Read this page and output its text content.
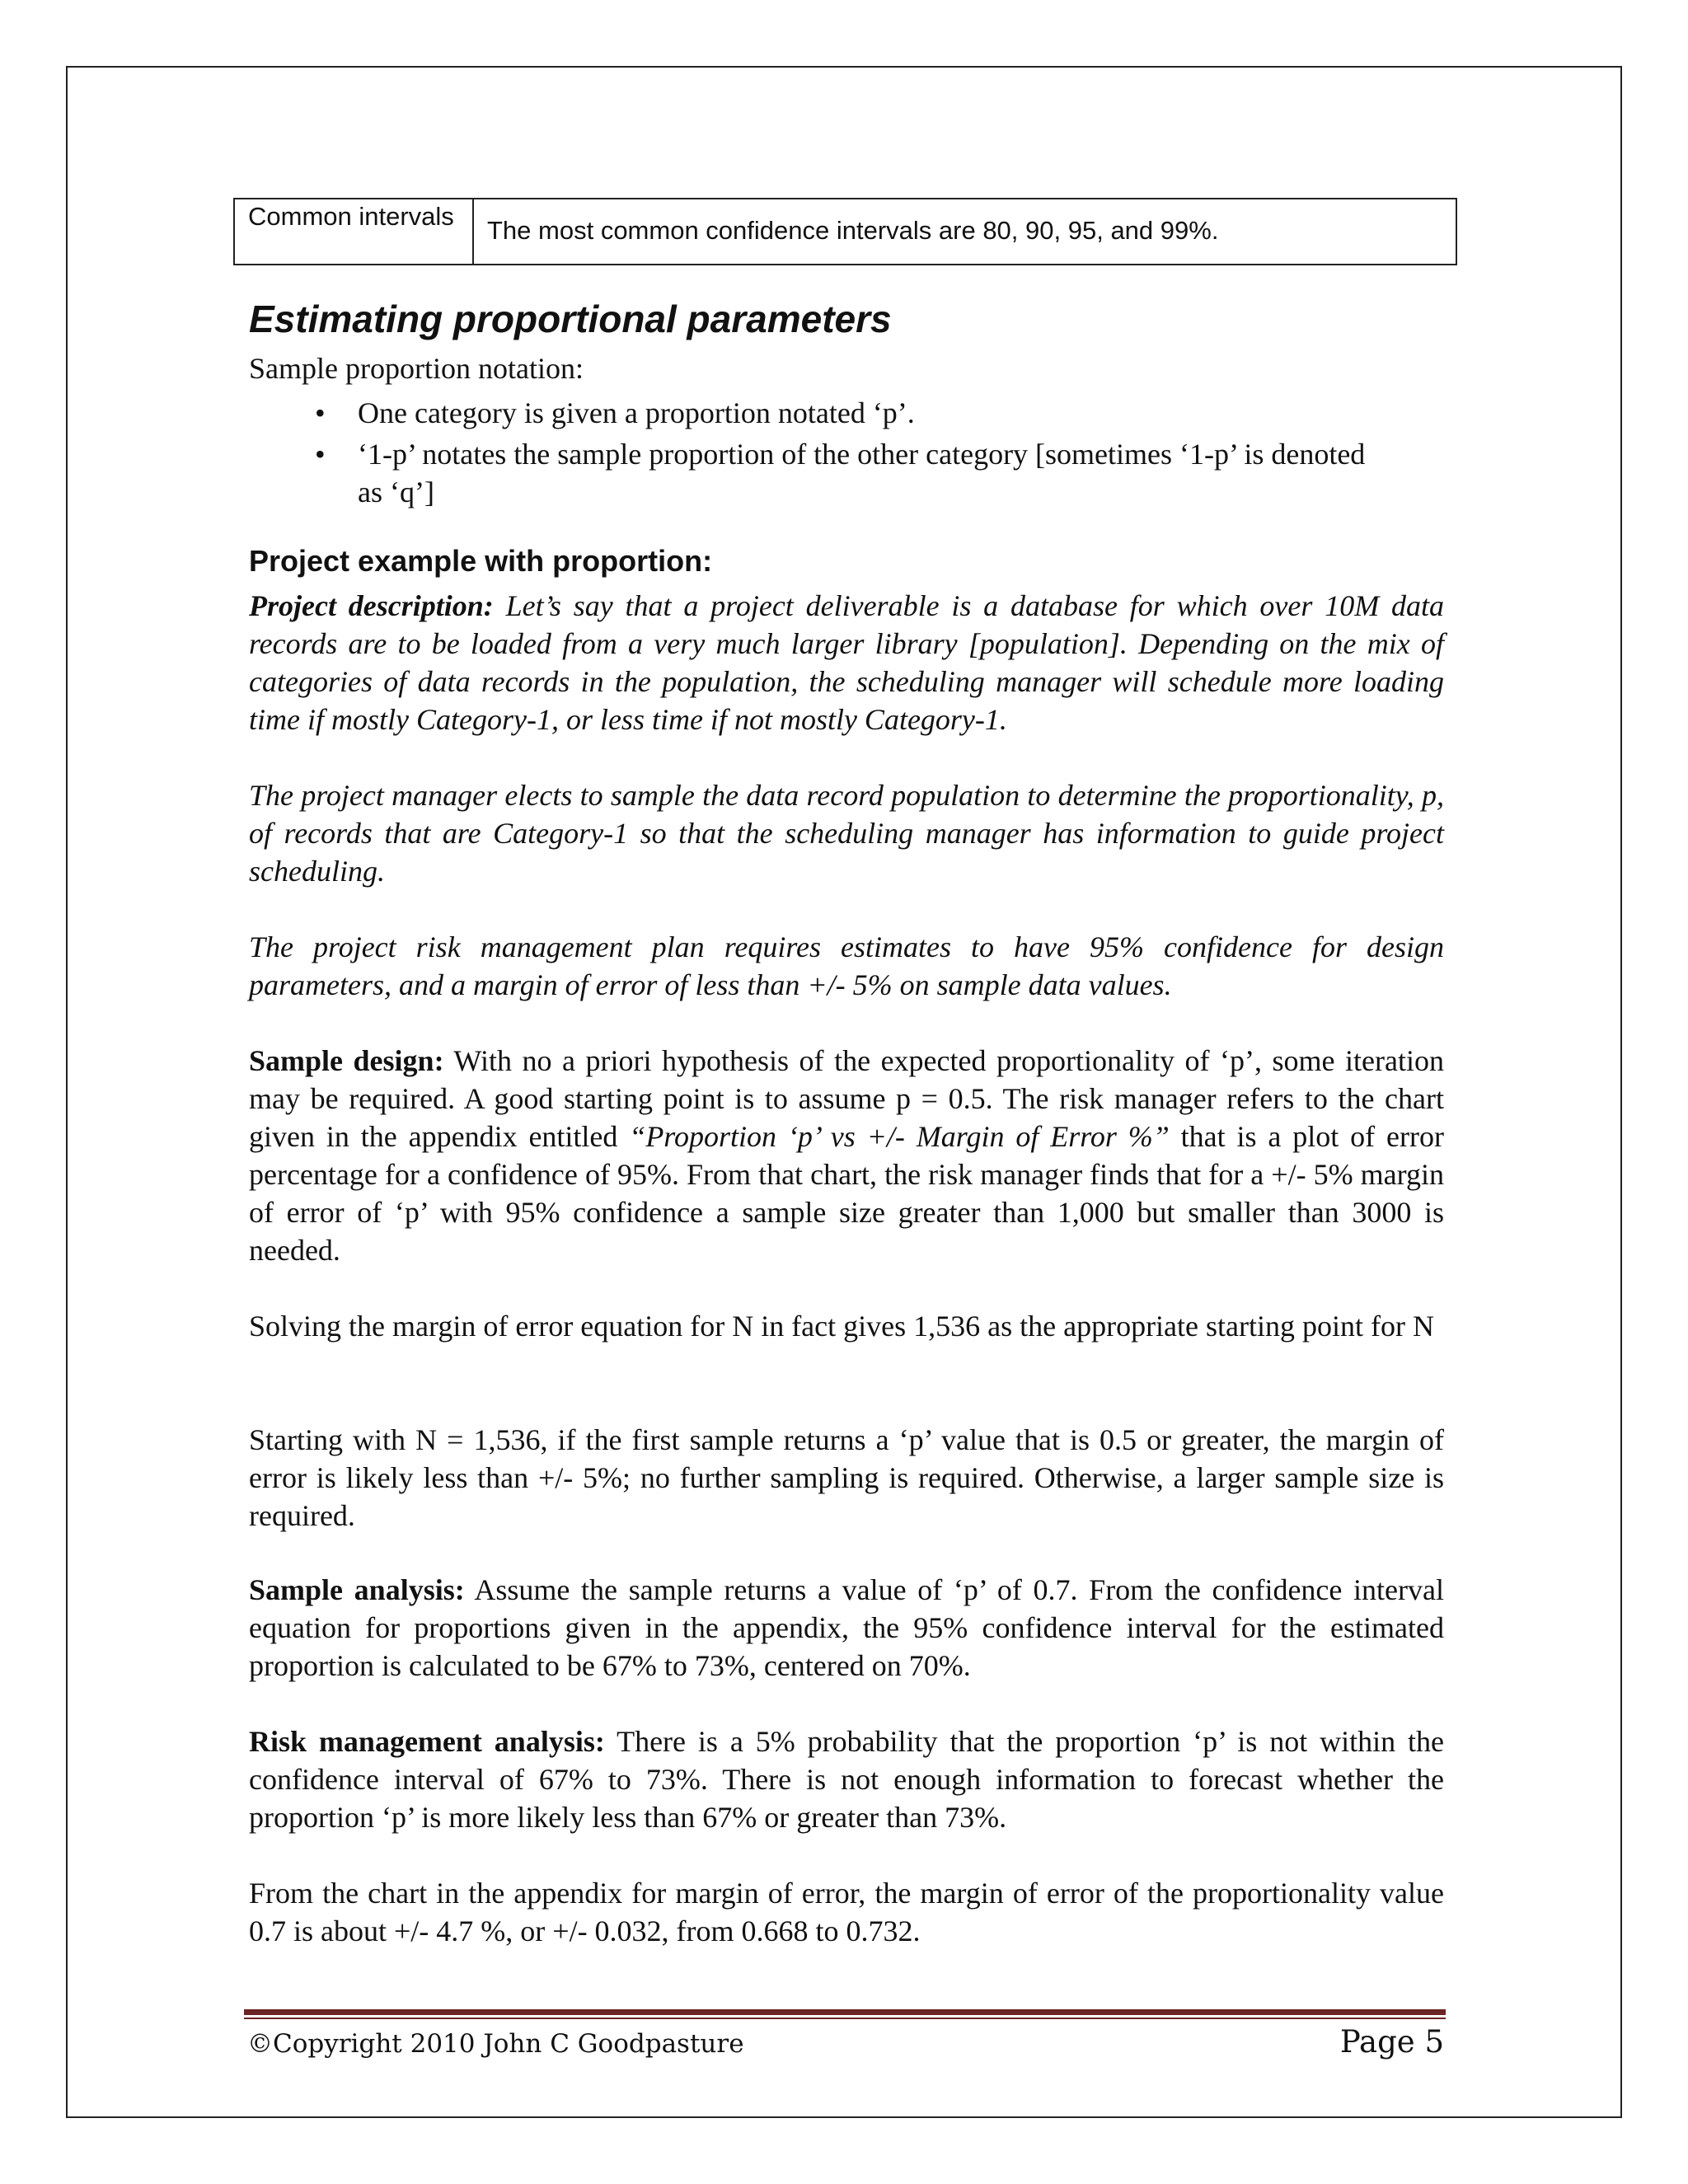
Common intervals	The most common confidence intervals are 80, 90, 95, and 99%.
Estimating proportional parameters

Sample proportion notation:

• One category is given a proportion notated ‘p’.
• ‘1-p’ notates the sample proportion of the other category [sometimes ‘1-p’ is denoted as ‘q’]
Project example with proportion:

Project description: Let’s say that a project deliverable is a database for which over 10M data records are to be loaded from a very much larger library [population]. Depending on the mix of categories of data records in the population, the scheduling manager will schedule more loading time if mostly Category-1, or less time if not mostly Category-1.

The project manager elects to sample the data record population to determine the proportionality, p, of records that are Category-1 so that the scheduling manager has information to guide project scheduling.

The project risk management plan requires estimates to have 95% confidence for design parameters, and a margin of error of less than +/- 5% on sample data values.

Sample design: With no a priori hypothesis of the expected proportionality of ‘p’, some iteration may be required. A good starting point is to assume p = 0.5. The risk manager refers to the chart given in the appendix entitled “Proportion ‘p’ vs +/- Margin of Error %” that is a plot of error percentage for a confidence of 95%. From that chart, the risk manager finds that for a +/- 5% margin of error of ‘p’ with 95% confidence a sample size greater than 1,000 but smaller than 3000 is needed.

Solving the margin of error equation for N in fact gives 1,536 as the appropriate starting point for N

Starting with N = 1,536, if the first sample returns a ‘p’ value that is 0.5 or greater, the margin of error is likely less than +/- 5%; no further sampling is required. Otherwise, a larger sample size is required.

Sample analysis: Assume the sample returns a value of ‘p’ of 0.7. From the confidence interval equation for proportions given in the appendix, the 95% confidence interval for the estimated proportion is calculated to be 67% to 73%, centered on 70%.

Risk management analysis: There is a 5% probability that the proportion ‘p’ is not within the confidence interval of 67% to 73%. There is not enough information to forecast whether the proportion ‘p’ is more likely less than 67% or greater than 73%.

From the chart in the appendix for margin of error, the margin of error of the proportionality value 0.7 is about +/- 4.7 %, or +/- 0.032, from 0.668 to 0.732.

©Copyright 2010 John C Goodpasture	Page 5
